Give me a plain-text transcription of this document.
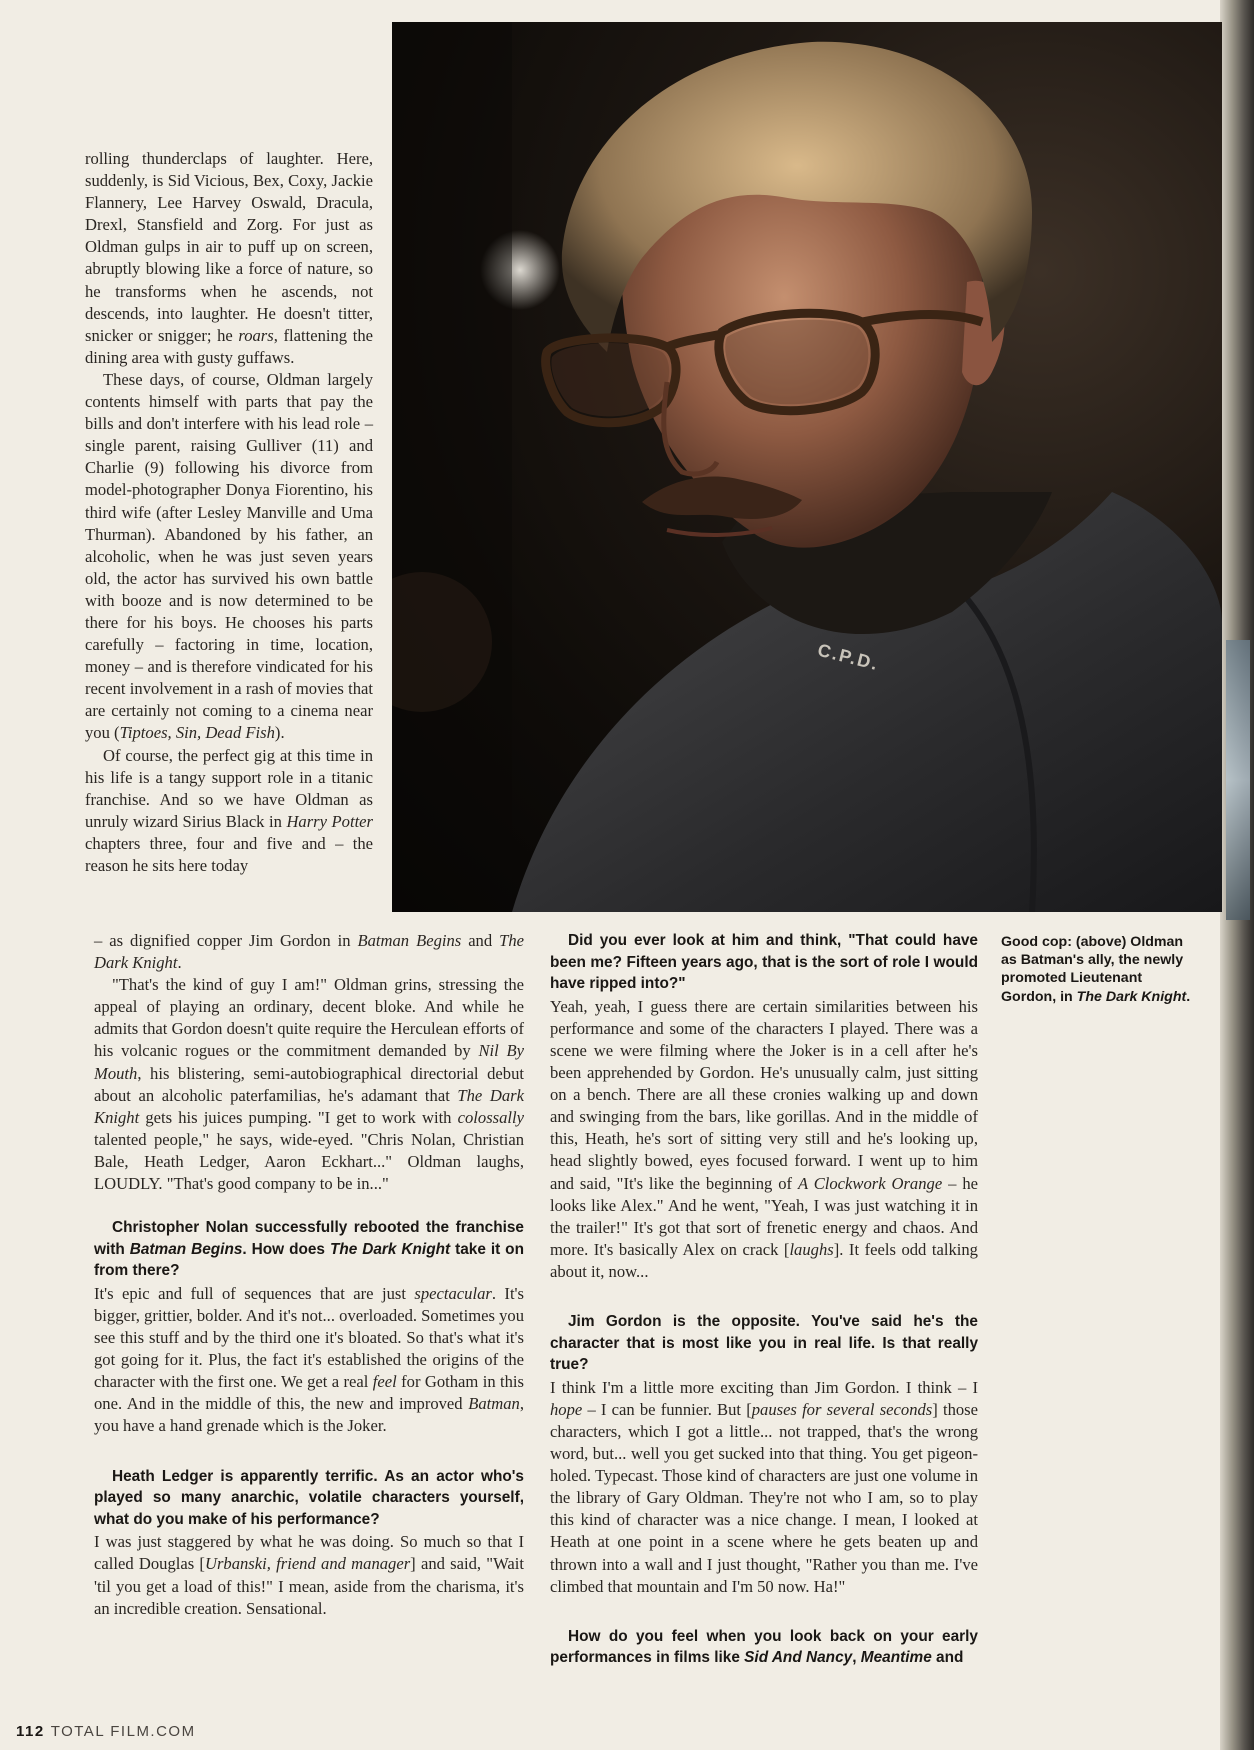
C.P.D.

rolling thunderclaps of laughter. Here, suddenly, is Sid Vicious, Bex, Coxy, Jackie Flannery, Lee Harvey Oswald, Dracula, Drexl, Stansfield and Zorg. For just as Oldman gulps in air to puff up on screen, abruptly blowing like a force of nature, so he transforms when he ascends, not descends, into laughter. He doesn't titter, snicker or snigger; he roars, flattening the dining area with gusty guffaws.

These days, of course, Oldman largely contents himself with parts that pay the bills and don't interfere with his lead role – single parent, raising Gulliver (11) and Charlie (9) following his divorce from model-photographer Donya Fiorentino, his third wife (after Lesley Manville and Uma Thurman). Abandoned by his father, an alcoholic, when he was just seven years old, the actor has survived his own battle with booze and is now determined to be there for his boys. He chooses his parts carefully – factoring in time, location, money – and is therefore vindicated for his recent involvement in a rash of movies that are certainly not coming to a cinema near you (Tiptoes, Sin, Dead Fish).

Of course, the perfect gig at this time in his life is a tangy support role in a titanic franchise. And so we have Oldman as unruly wizard Sirius Black in Harry Potter chapters three, four and five and – the reason he sits here today

– as dignified copper Jim Gordon in Batman Begins and The Dark Knight.

"That's the kind of guy I am!" Oldman grins, stressing the appeal of playing an ordinary, decent bloke. And while he admits that Gordon doesn't quite require the Herculean efforts of his volcanic rogues or the commitment demanded by Nil By Mouth, his blistering, semi-autobiographical directorial debut about an alcoholic paterfamilias, he's adamant that The Dark Knight gets his juices pumping. "I get to work with colossally talented people," he says, wide-eyed. "Chris Nolan, Christian Bale, Heath Ledger, Aaron Eckhart..." Oldman laughs, LOUDLY. "That's good company to be in..."

Christopher Nolan successfully rebooted the franchise with Batman Begins. How does The Dark Knight take it on from there?

It's epic and full of sequences that are just spectacular. It's bigger, grittier, bolder. And it's not... overloaded. Sometimes you see this stuff and by the third one it's bloated. So that's what it's got going for it. Plus, the fact it's established the origins of the character with the first one. We get a real feel for Gotham in this one. And in the middle of this, the new and improved Batman, you have a hand grenade which is the Joker.

Heath Ledger is apparently terrific. As an actor who's played so many anarchic, volatile characters yourself, what do you make of his performance?

I was just staggered by what he was doing. So much so that I called Douglas [Urbanski, friend and manager] and said, "Wait 'til you get a load of this!" I mean, aside from the charisma, it's an incredible creation. Sensational.

Did you ever look at him and think, "That could have been me? Fifteen years ago, that is the sort of role I would have ripped into?"

Yeah, yeah, I guess there are certain similarities between his performance and some of the characters I played. There was a scene we were filming where the Joker is in a cell after he's been apprehended by Gordon. He's unusually calm, just sitting on a bench. There are all these cronies walking up and down and swinging from the bars, like gorillas. And in the middle of this, Heath, he's sort of sitting very still and he's looking up, head slightly bowed, eyes focused forward. I went up to him and said, "It's like the beginning of A Clockwork Orange – he looks like Alex." And he went, "Yeah, I was just watching it in the trailer!" It's got that sort of frenetic energy and chaos. And more. It's basically Alex on crack [laughs]. It feels odd talking about it, now...

Jim Gordon is the opposite. You've said he's the character that is most like you in real life. Is that really true?

I think I'm a little more exciting than Jim Gordon. I think – I hope – I can be funnier. But [pauses for several seconds] those characters, which I got a little... not trapped, that's the wrong word, but... well you get sucked into that thing. You get pigeon-holed. Typecast. Those kind of characters are just one volume in the library of Gary Oldman. They're not who I am, so to play this kind of character was a nice change. I mean, I looked at Heath at one point in a scene where he gets beaten up and thrown into a wall and I just thought, "Rather you than me. I've climbed that mountain and I'm 50 now. Ha!"

How do you feel when you look back on your early performances in films like Sid And Nancy, Meantime and

Good cop: (above) Oldman as Batman's ally, the newly promoted Lieutenant Gordon, in The Dark Knight.
112 TOTAL FILM.COM
